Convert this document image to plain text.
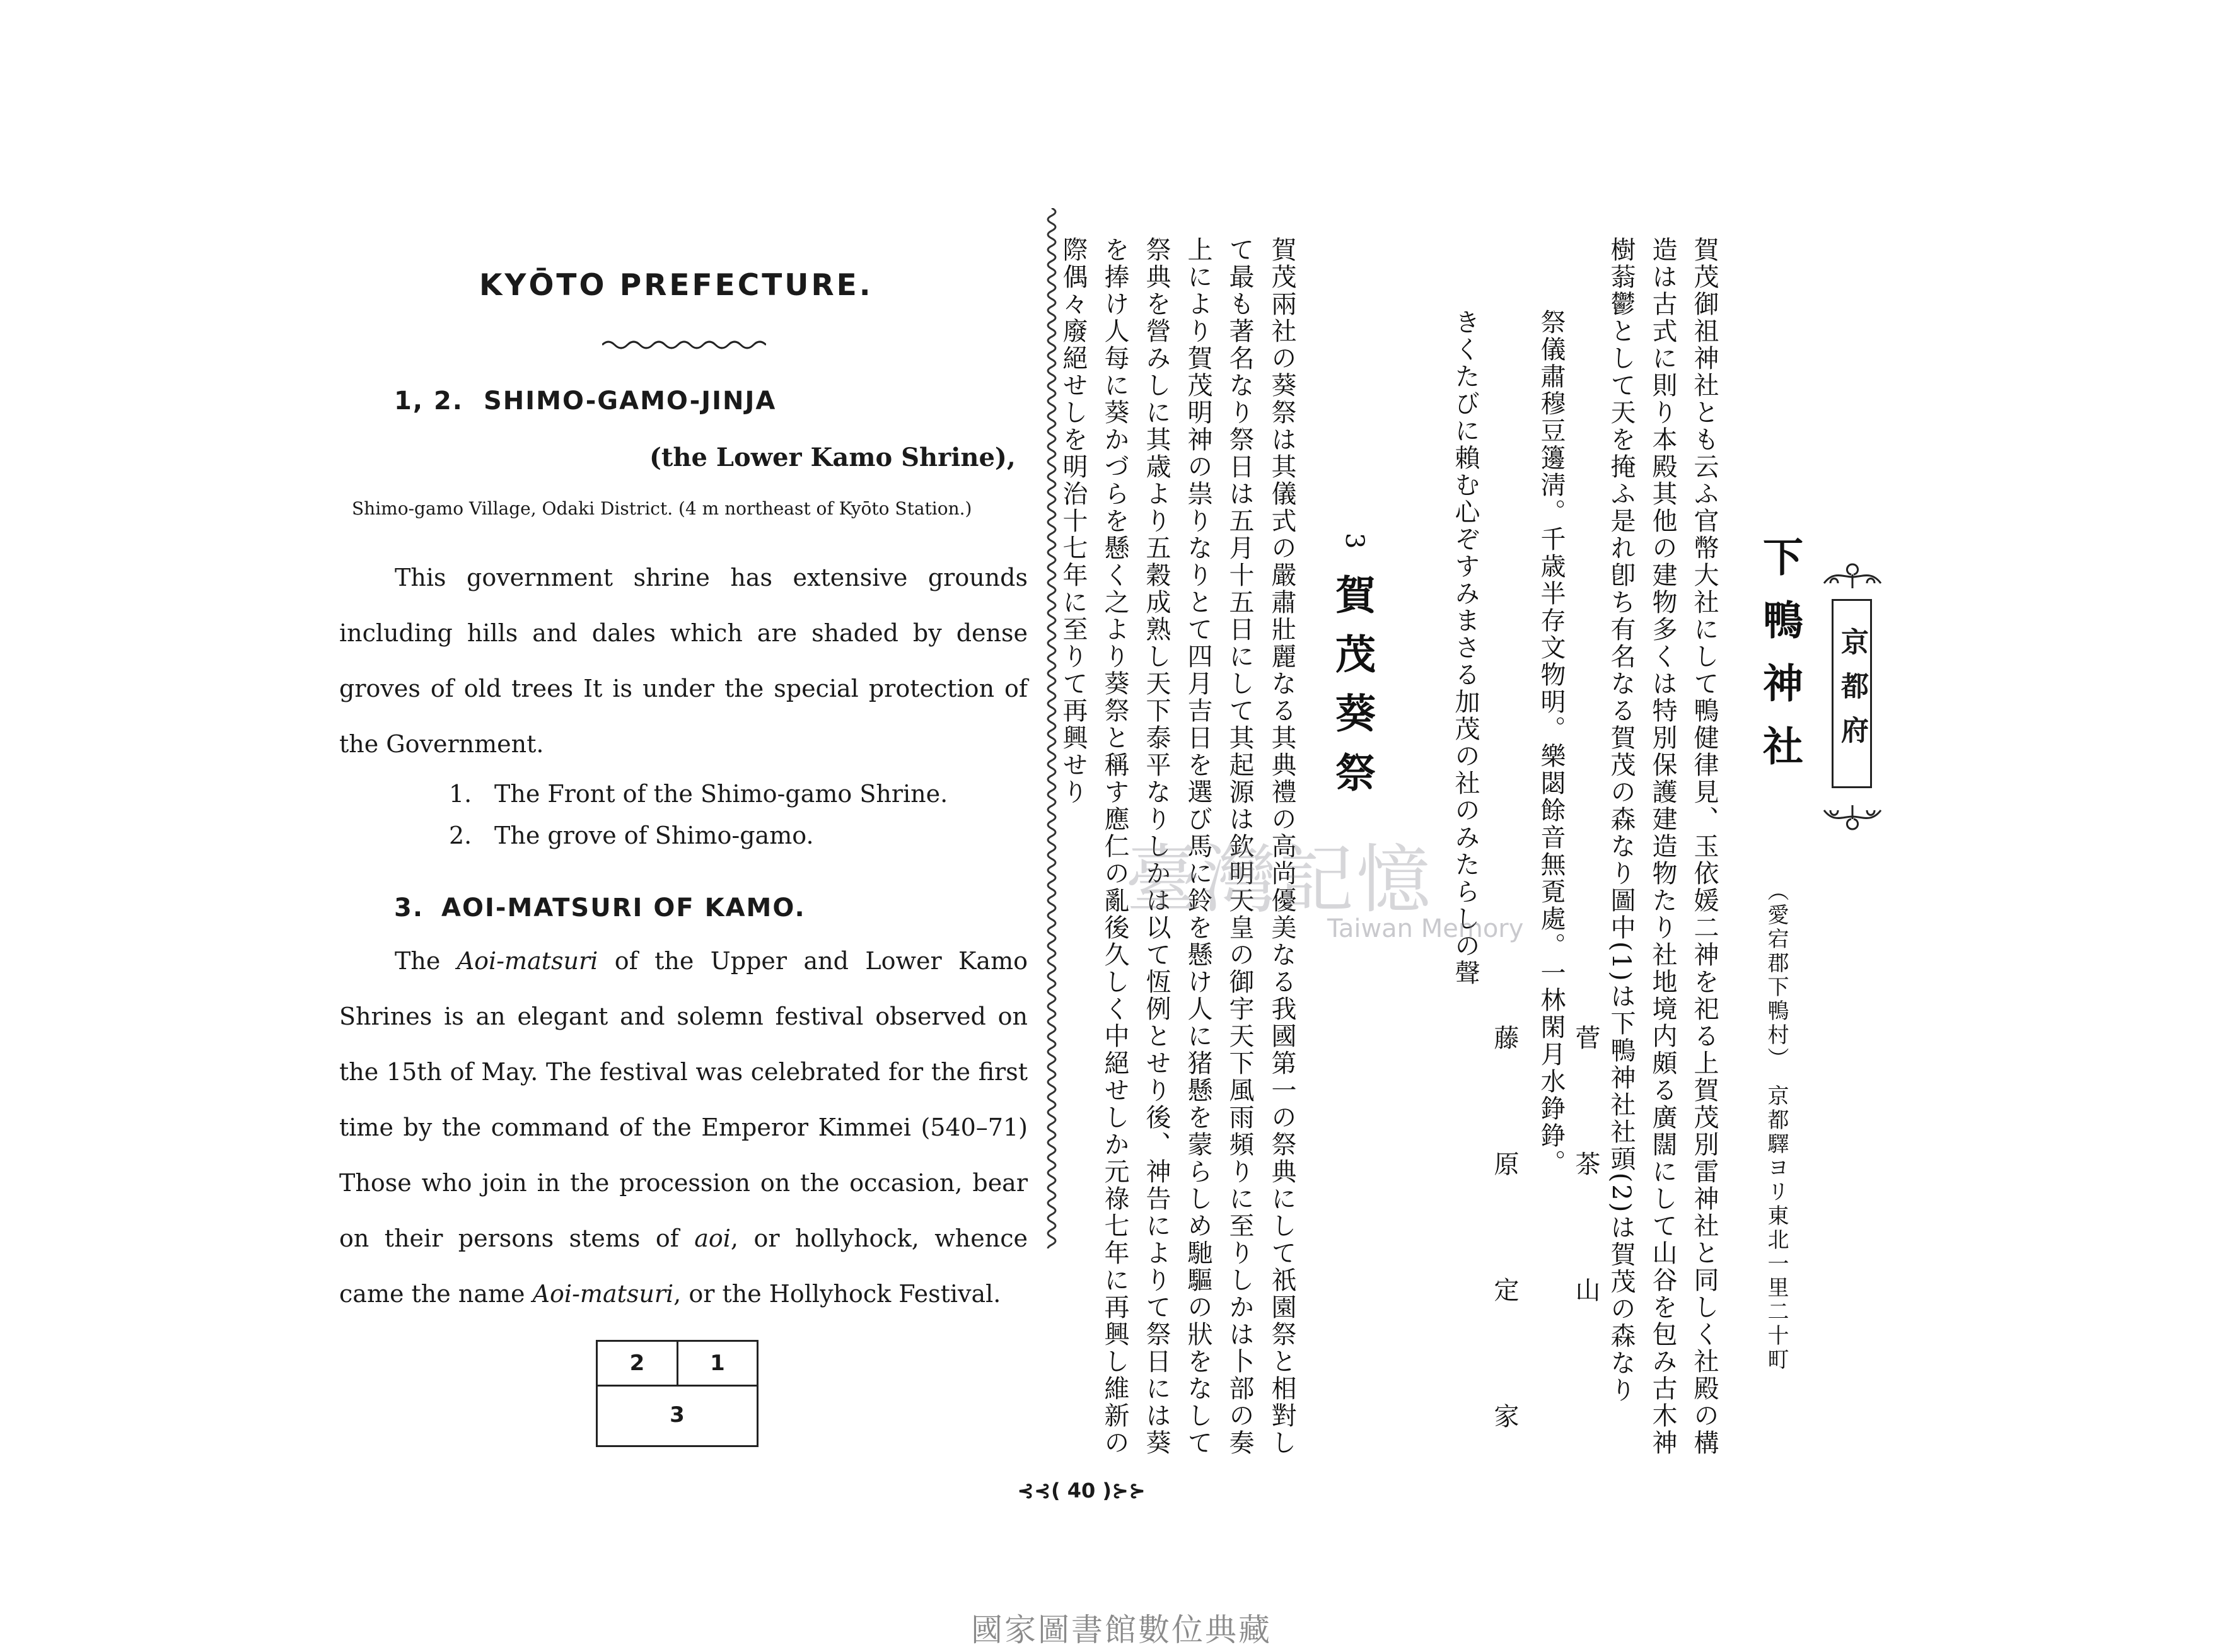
KYŌTO PREFECTURE.
1, 2. SHIMO-GAMO-JINJA
(the Lower Kamo Shrine),
Shimo-gamo Village, Odaki District. (4 m northeast of Kyōto Station.)

This government shrine has extensive grounds including hills and dales which are shaded by dense groves of old trees It is under the special protection of the Government.

1. The Front of the Shimo-gamo Shrine.
2. The grove of Shimo-gamo.
3. AOI-MATSURI OF KAMO.

The Aoi-matsuri of the Upper and Lower Kamo Shrines is an elegant and solemn festival observed on the 15th of May. The festival was celebrated for the first time by the command of the Emperor Kimmei (540–71) Those who join in the procession on the occasion, bear on their persons stems of aoi, or hollyhock, whence came the name Aoi-matsuri, or the Hollyhock Festival.

2	1
3
京都府
下鴨神社
（愛宕郡下鴨村）　京都驛ヨリ東北一里二十町
賀茂御祖神社とも云ふ官幣大社にして鴨健律見、玉依媛二神を祀る上賀茂別雷神社と同しく社殿の構
造は古式に則り本殿其他の建物多くは特別保護建造物たり社地境内頗る廣闊にして山谷を包み古木神
樹蓊鬱として天を掩ふ是れ卽ち有名なる賀茂の森なり圖中(1)は下鴨神社社頭(2)は賀茂の森なり
祭儀肅穆豆籩淸。千歳半存文物明。樂閟餘音無覔處。一林閑月水錚錚。
菅　茶　山
きくたびに賴む心ぞすみまさる加茂の社のみたらしの聲
藤　原　定　家
3
賀茂葵祭
賀茂兩社の葵祭は其儀式の嚴肅壯麗なる其典禮の高尚優美なる我國第一の祭典にして祇園祭と相對し
て最も著名なり祭日は五月十五日にして其起源は欽明天皇の御宇天下風雨頻りに至りしかは卜部の奏
上により賀茂明神の祟りなりとて四月吉日を選び馬に鈴を懸け人に猪懸を蒙らしめ馳驅の狀をなして
祭典を營みしに其歳より五穀成熟し天下泰平なりしかは以て恆例とせり後、神告によりて祭日には葵
を捧け人每に葵かづらを懸く之より葵祭と稱す應仁の亂後久しく中絕せしか元祿七年に再興し維新の
際偶々廢絕せしを明治十七年に至りて再興せり
⊰⊰( 40 )⊱⊱
臺灣記憶
Taiwan Memory
國家圖書館數位典藏
